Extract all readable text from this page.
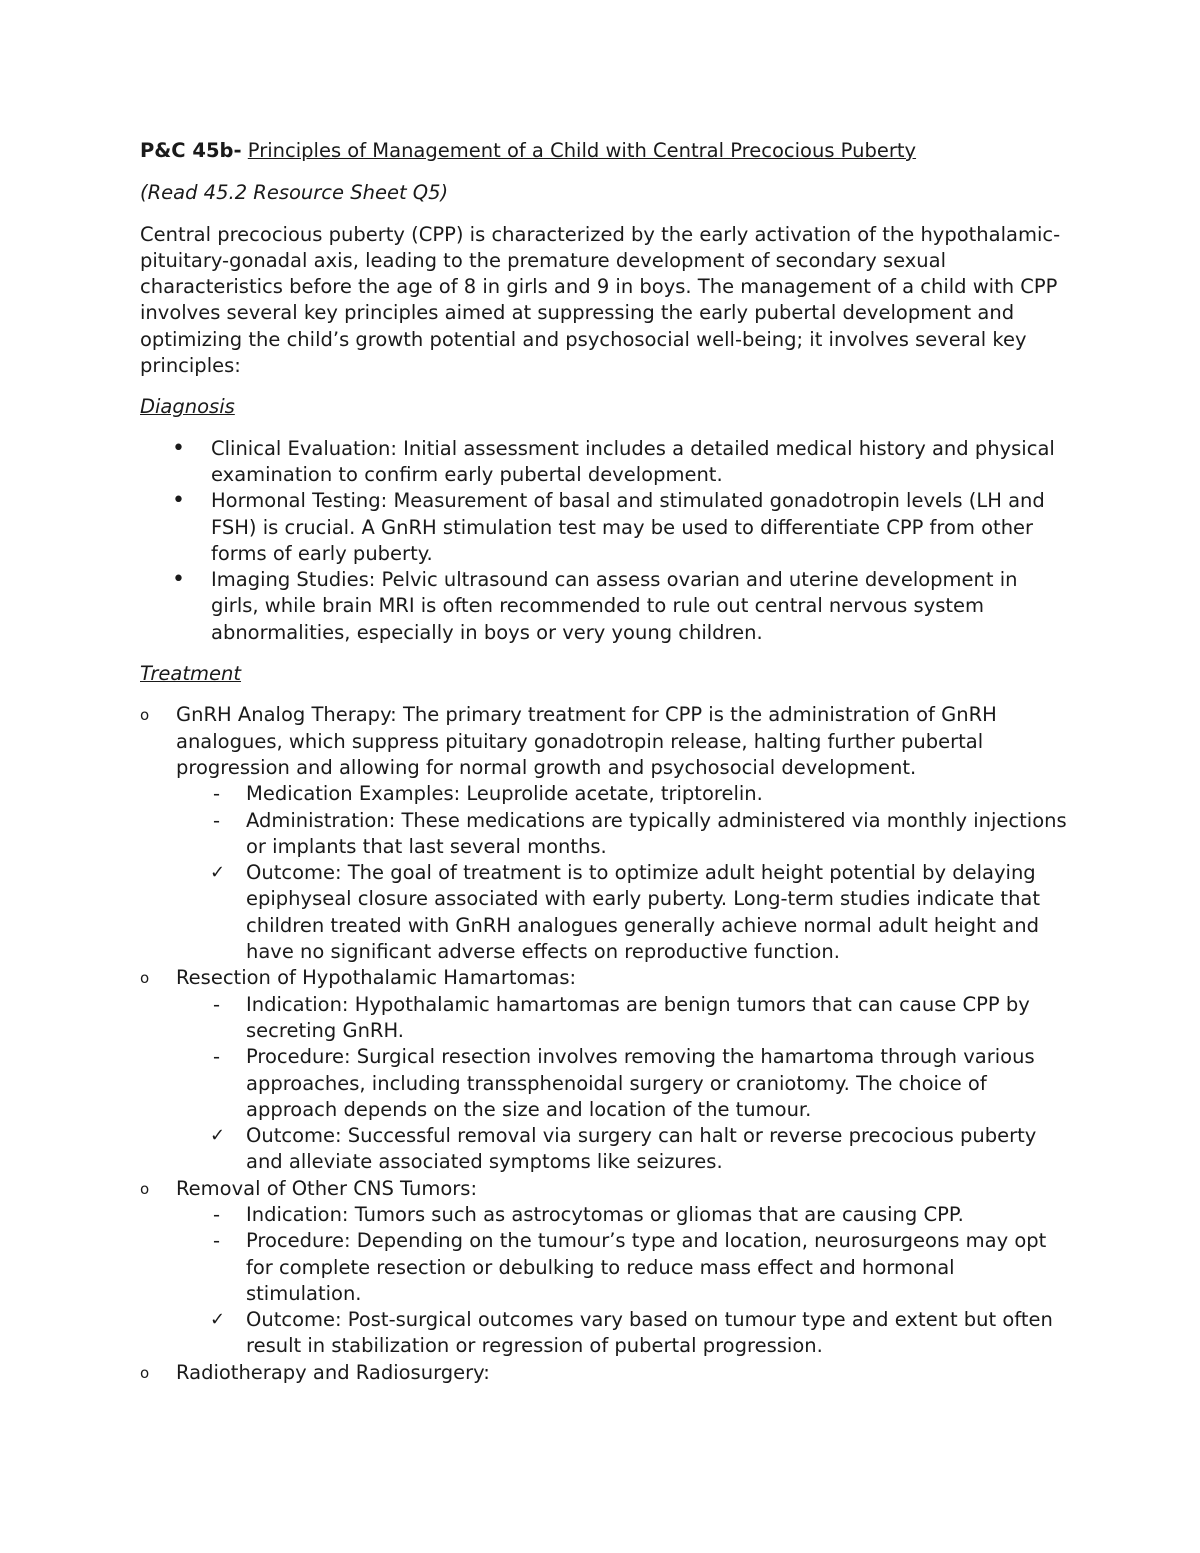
P&C 45b- Principles of Management of a Child with Central Precocious Puberty

(Read 45.2 Resource Sheet Q5)

Central precocious puberty (CPP) is characterized by the early activation of the hypothalamic-pituitary-gonadal axis, leading to the premature development of secondary sexual characteristics before the age of 8 in girls and 9 in boys. The management of a child with CPP involves several key principles aimed at suppressing the early pubertal development and optimizing the child’s growth potential and psychosocial well-being; it involves several key principles:

Diagnosis

• Clinical Evaluation: Initial assessment includes a detailed medical history and physical examination to confirm early pubertal development.
• Hormonal Testing: Measurement of basal and stimulated gonadotropin levels (LH and FSH) is crucial. A GnRH stimulation test may be used to differentiate CPP from other forms of early puberty.
• Imaging Studies: Pelvic ultrasound can assess ovarian and uterine development in girls, while brain MRI is often recommended to rule out central nervous system abnormalities, especially in boys or very young children.

Treatment

o GnRH Analog Therapy: The primary treatment for CPP is the administration of GnRH analogues, which suppress pituitary gonadotropin release, halting further pubertal progression and allowing for normal growth and psychosocial development.
- Medication Examples: Leuprolide acetate, triptorelin.
- Administration: These medications are typically administered via monthly injections or implants that last several months.
✓ Outcome: The goal of treatment is to optimize adult height potential by delaying epiphyseal closure associated with early puberty. Long-term studies indicate that children treated with GnRH analogues generally achieve normal adult height and have no significant adverse effects on reproductive function.
o Resection of Hypothalamic Hamartomas:
- Indication: Hypothalamic hamartomas are benign tumors that can cause CPP by secreting GnRH.
- Procedure: Surgical resection involves removing the hamartoma through various approaches, including transsphenoidal surgery or craniotomy. The choice of approach depends on the size and location of the tumour.
✓ Outcome: Successful removal via surgery can halt or reverse precocious puberty and alleviate associated symptoms like seizures.
o Removal of Other CNS Tumors:
- Indication: Tumors such as astrocytomas or gliomas that are causing CPP.
- Procedure: Depending on the tumour’s type and location, neurosurgeons may opt for complete resection or debulking to reduce mass effect and hormonal stimulation.
✓ Outcome: Post-surgical outcomes vary based on tumour type and extent but often result in stabilization or regression of pubertal progression.
o Radiotherapy and Radiosurgery:
